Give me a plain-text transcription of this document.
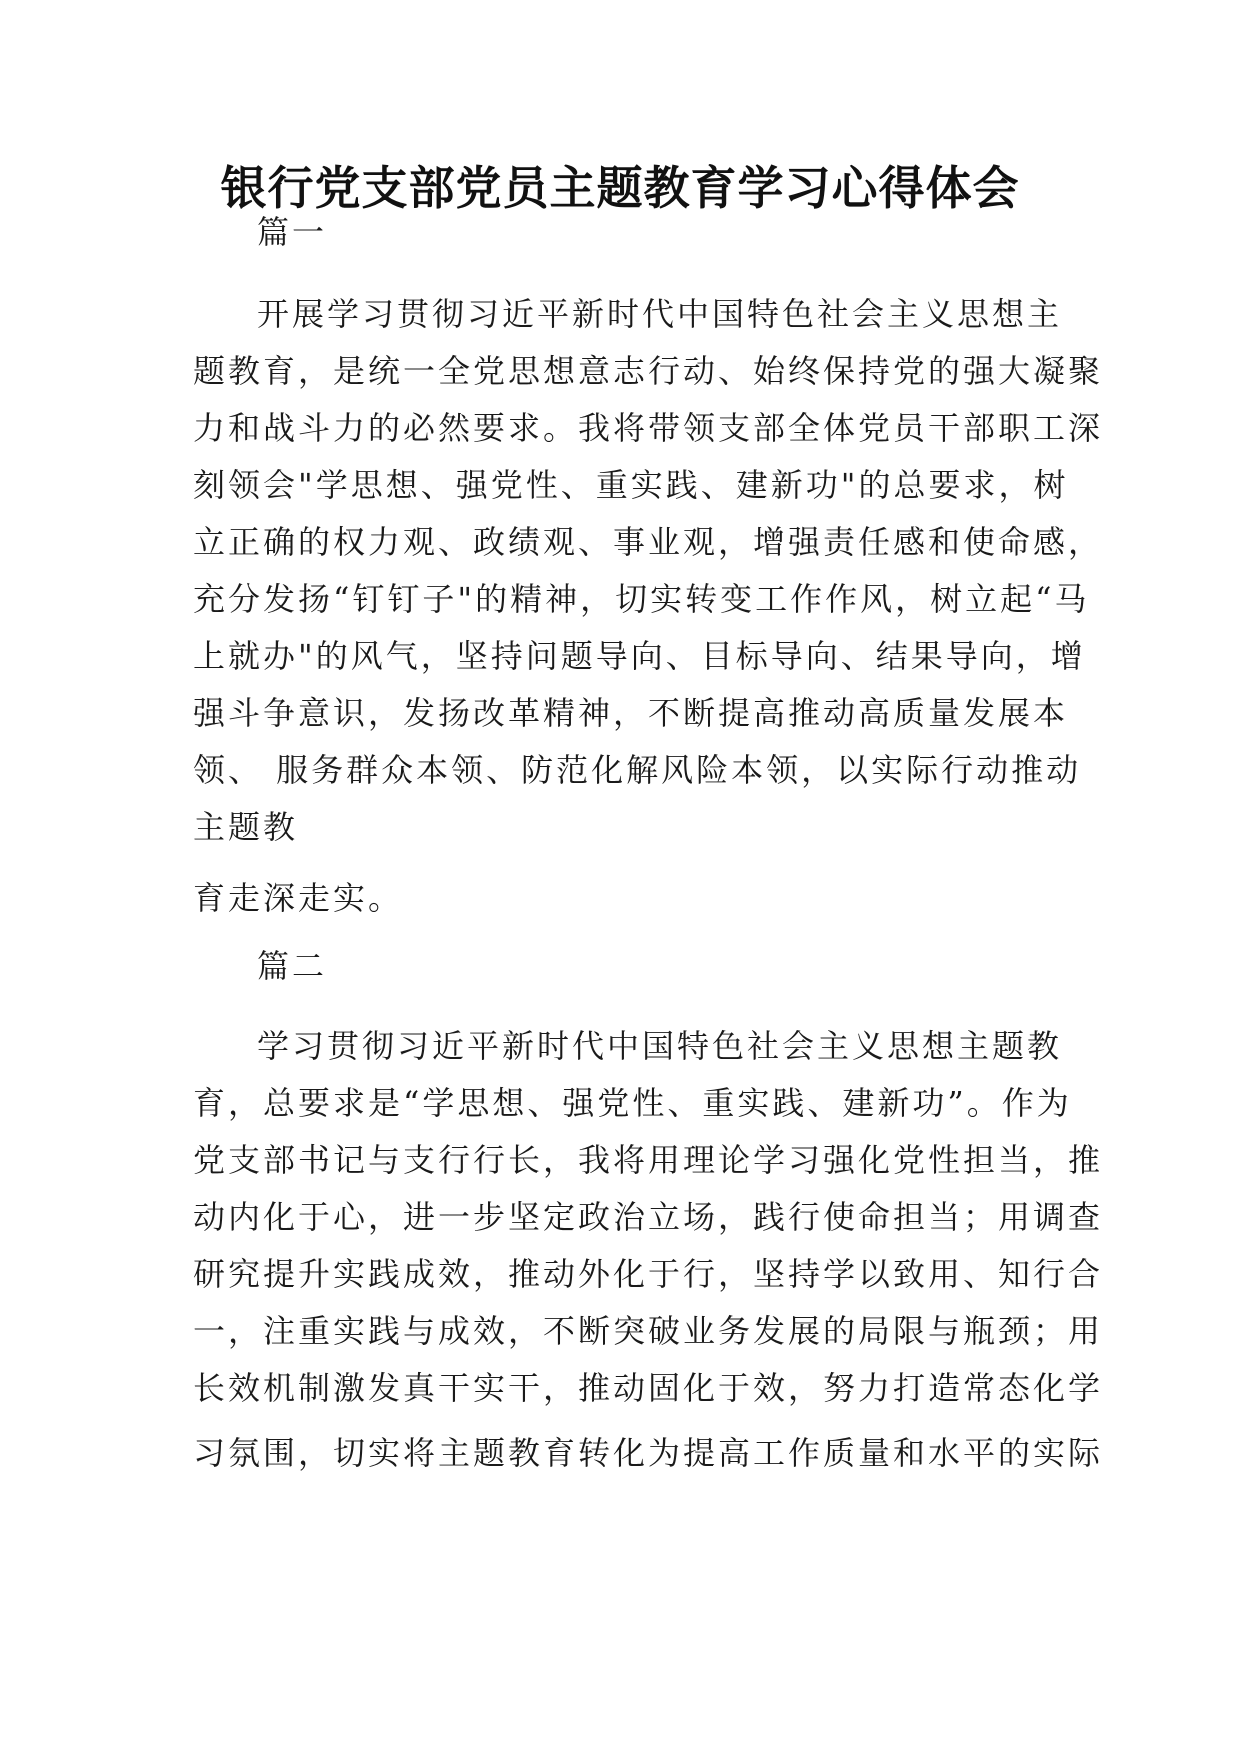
银行党支部党员主题教育学习心得体会
篇一
开展学习贯彻习近平新时代中国特色社会主义思想主
题教育，是统一全党思想意志行动、始终保持党的强大凝聚
力和战斗力的必然要求。我将带领支部全体党员干部职工深
刻领会"学思想、强党性、重实践、建新功"的总要求，树
立正确的权力观、政绩观、事业观，增强责任感和使命感，
充分发扬“钉钉子"的精神，切实转变工作作风，树立起“马
上就办"的风气，坚持问题导向、目标导向、结果导向，增
强斗争意识，发扬改革精神，不断提高推动高质量发展本
领、 服务群众本领、防范化解风险本领，以实际行动推动
主题教
育走深走实。
篇二
学习贯彻习近平新时代中国特色社会主义思想主题教
育，总要求是“学思想、强党性、重实践、建新功”。作为
党支部书记与支行行长，我将用理论学习强化党性担当，推
动内化于心，进一步坚定政治立场，践行使命担当；用调查
研究提升实践成效，推动外化于行，坚持学以致用、知行合
一，注重实践与成效，不断突破业务发展的局限与瓶颈；用
长效机制激发真干实干，推动固化于效，努力打造常态化学
习氛围，切实将主题教育转化为提高工作质量和水平的实际
